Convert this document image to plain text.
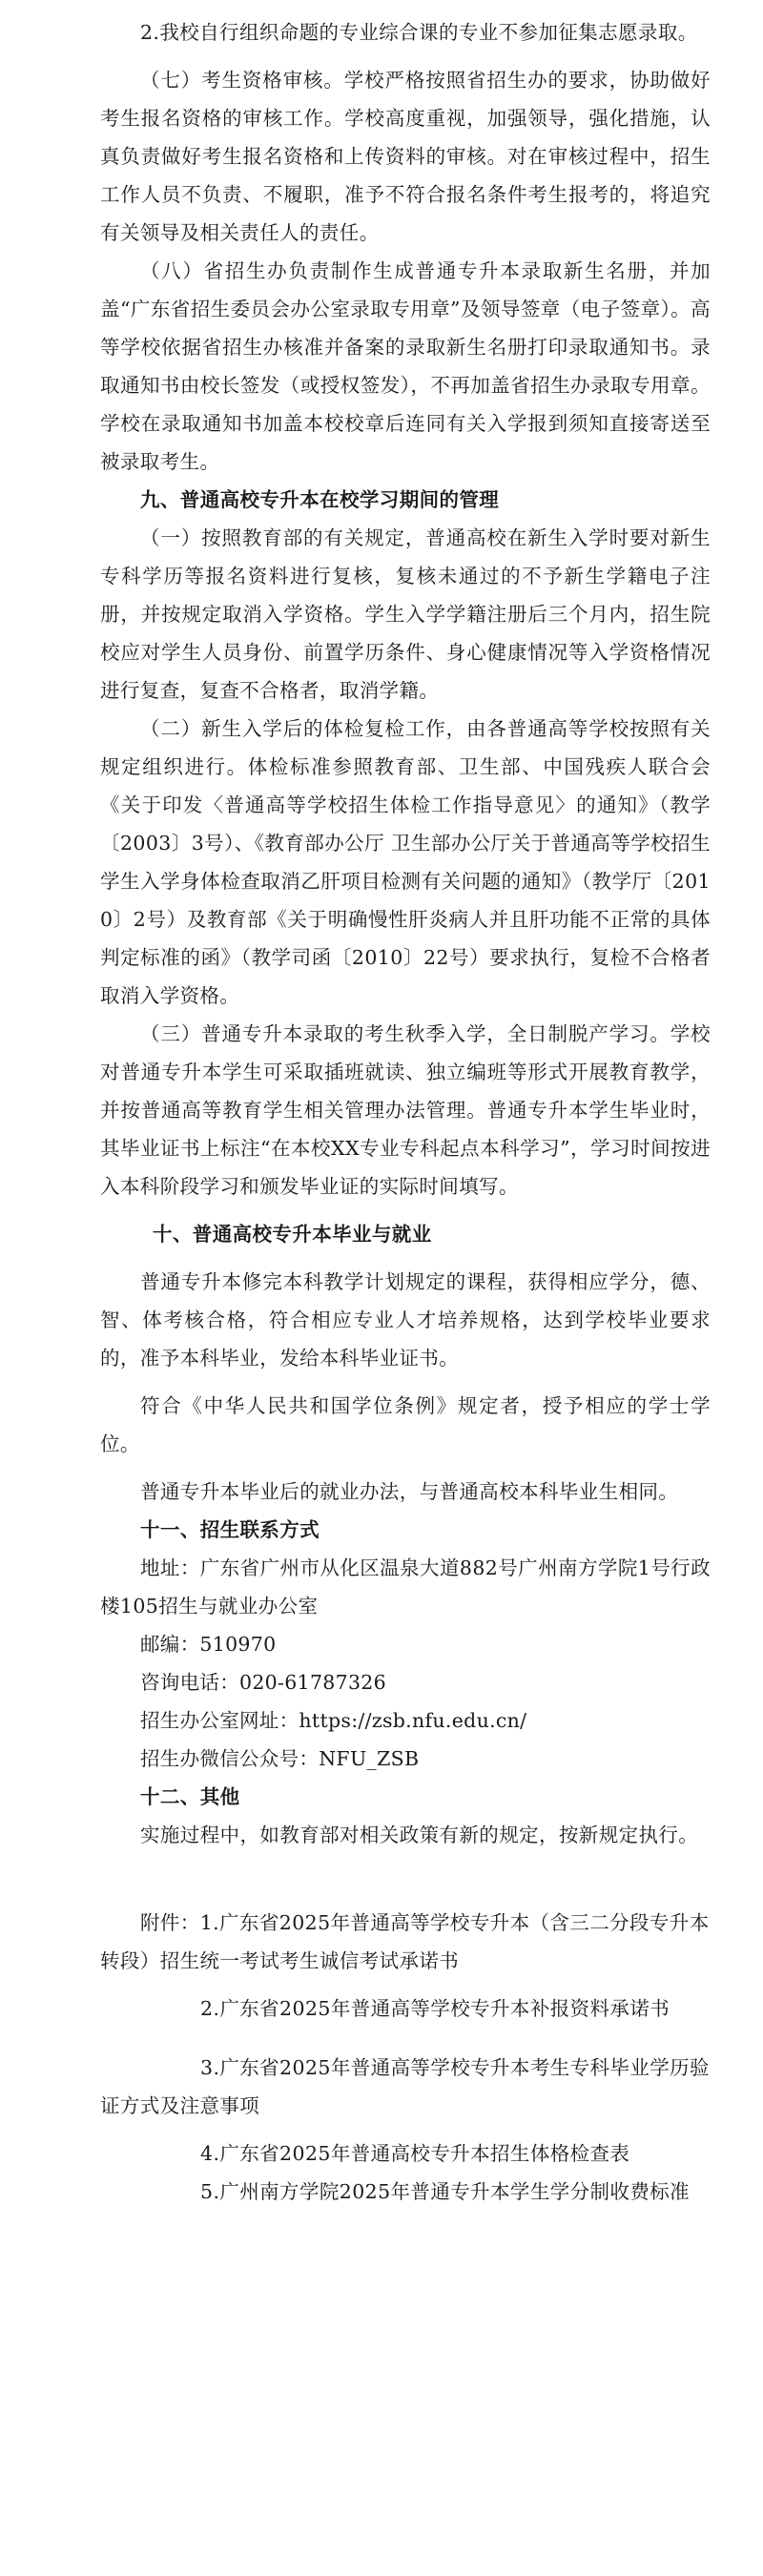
2.我校自行组织命题的专业综合课的专业不参加征集志愿录取。
（七）考生资格审核。学校严格按照省招生办的要求，协助做好考生报名资格的审核工作。学校高度重视，加强领导，强化措施，认真负责做好考生报名资格和上传资料的审核。对在审核过程中，招生工作人员不负责、不履职，准予不符合报名条件考生报考的，将追究有关领导及相关责任人的责任。
（八）省招生办负责制作生成普通专升本录取新生名册，并加盖“广东省招生委员会办公室录取专用章”及领导签章（电子签章）。高等学校依据省招生办核准并备案的录取新生名册打印录取通知书。录取通知书由校长签发（或授权签发），不再加盖省招生办录取专用章。学校在录取通知书加盖本校校章后连同有关入学报到须知直接寄送至被录取考生。
九、普通高校专升本在校学习期间的管理
（一）按照教育部的有关规定，普通高校在新生入学时要对新生专科学历等报名资料进行复核，复核未通过的不予新生学籍电子注册，并按规定取消入学资格。学生入学学籍注册后三个月内，招生院校应对学生人员身份、前置学历条件、身心健康情况等入学资格情况进行复查，复查不合格者，取消学籍。
（二）新生入学后的体检复检工作，由各普通高等学校按照有关规定组织进行。体检标准参照教育部、卫生部、中国残疾人联合会《关于印发〈普通高等学校招生体检工作指导意见〉的通知》（教学〔2003〕3号）、《教育部办公厅 卫生部办公厅关于普通高等学校招生学生入学身体检查取消乙肝项目检测有关问题的通知》（教学厅〔2010〕2号）及教育部《关于明确慢性肝炎病人并且肝功能不正常的具体判定标准的函》（教学司函〔2010〕22号）要求执行，复检不合格者取消入学资格。
（三）普通专升本录取的考生秋季入学，全日制脱产学习。学校对普通专升本学生可采取插班就读、独立编班等形式开展教育教学，并按普通高等教育学生相关管理办法管理。普通专升本学生毕业时，其毕业证书上标注“在本校XX专业专科起点本科学习”，学习时间按进入本科阶段学习和颁发毕业证的实际时间填写。
十、普通高校专升本毕业与就业
普通专升本修完本科教学计划规定的课程，获得相应学分，德、智、体考核合格，符合相应专业人才培养规格，达到学校毕业要求的，准予本科毕业，发给本科毕业证书。
符合《中华人民共和国学位条例》规定者，授予相应的学士学位。
普通专升本毕业后的就业办法，与普通高校本科毕业生相同。
十一、招生联系方式
地址：广东省广州市从化区温泉大道882号广州南方学院1号行政楼105招生与就业办公室
邮编：510970
咨询电话：020-61787326
招生办公室网址：https://zsb.nfu.edu.cn/
招生办微信公众号：NFU_ZSB
十二、其他
实施过程中，如教育部对相关政策有新的规定，按新规定执行。
附件：1.广东省2025年普通高等学校专升本（含三二分段专升本转段）招生统一考试考生诚信考试承诺书
2.广东省2025年普通高等学校专升本补报资料承诺书
3.广东省2025年普通高等学校专升本考生专科毕业学历验证方式及注意事项
4.广东省2025年普通高校专升本招生体格检查表
5.广州南方学院2025年普通专升本学生学分制收费标准
